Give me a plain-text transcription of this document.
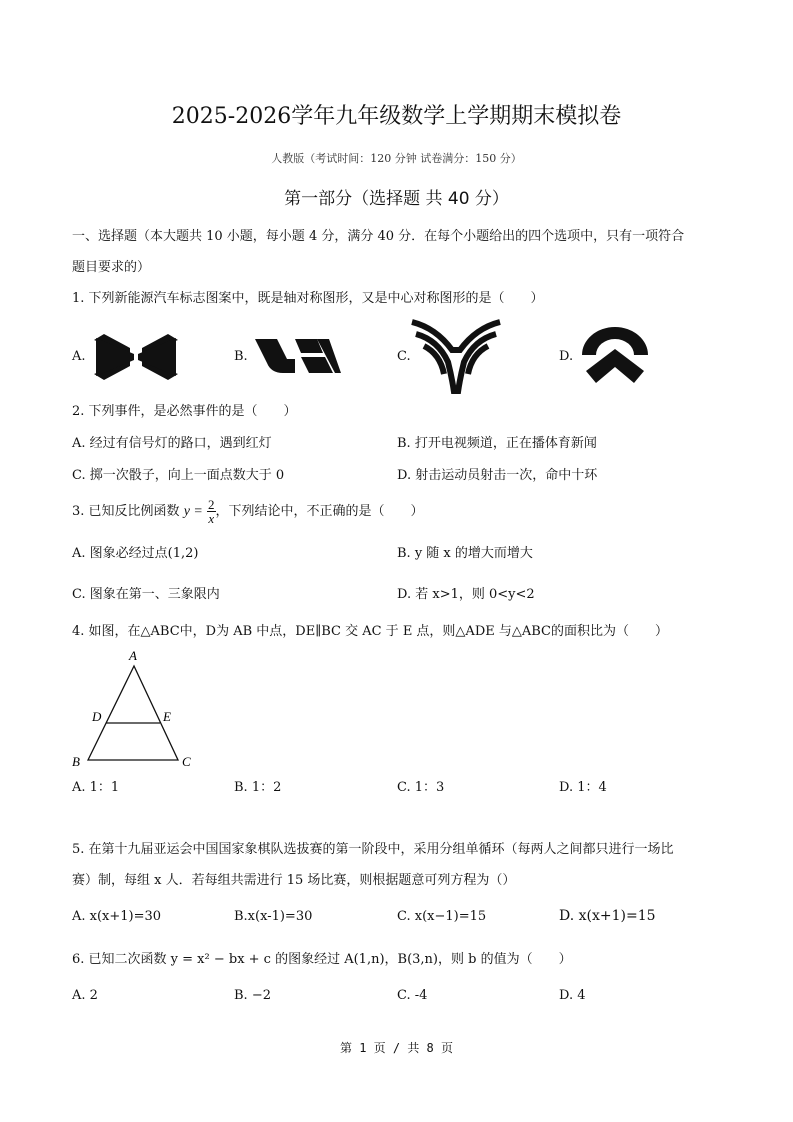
2025-2026学年九年级数学上学期期末模拟卷
人教版（考试时间：120 分钟 试卷满分：150 分）
第一部分（选择题 共 40 分）
一、选择题（本大题共 10 小题，每小题 4 分，满分 40 分．在每个小题给出的四个选项中，只有一项符合
题目要求的）
1. 下列新能源汽车标志图案中，既是轴对称图形，又是中心对称图形的是（　　）
A.	B.	C.	D.
2. 下列事件，是必然事件的是（　　）
A. 经过有信号灯的路口，遇到红灯	B. 打开电视频道，正在播体育新闻
C. 掷一次骰子，向上一面点数大于 0	D. 射击运动员射击一次，命中十环
3. 已知反比例函数 $y = \frac{2}{x}$ ，下列结论中，不正确的是（　　）
A. 图象必经过点(1,2)	B. y 随 x 的增大而增大
C. 图象在第一、三象限内	D. 若 x>1，则 0<y<2
4. 如图，在△ABC中，D为 AB 中点，DE∥BC 交 AC 于 E 点，则△ADE 与△ABC的面积比为（　　）
A
B	C
D	E
A. 1：1	B. 1：2	C. 1：3	D. 1：4
5. 在第十九届亚运会中国国家象棋队选拔赛的第一阶段中，采用分组单循环（每两人之间都只进行一场比
赛）制，每组 x 人．若每组共需进行 15 场比赛，则根据题意可列方程为（）
A. x(x+1)=30	B.x(x-1)=30	C. x(x−1)=15	D. x(x+1)=15
6. 已知二次函数 y = x² − bx + c 的图象经过 A(1,n)，B(3,n)，则 b 的值为（　　）
A. 2	B. −2	C. -4	D. 4
第 1 页 / 共 8 页
